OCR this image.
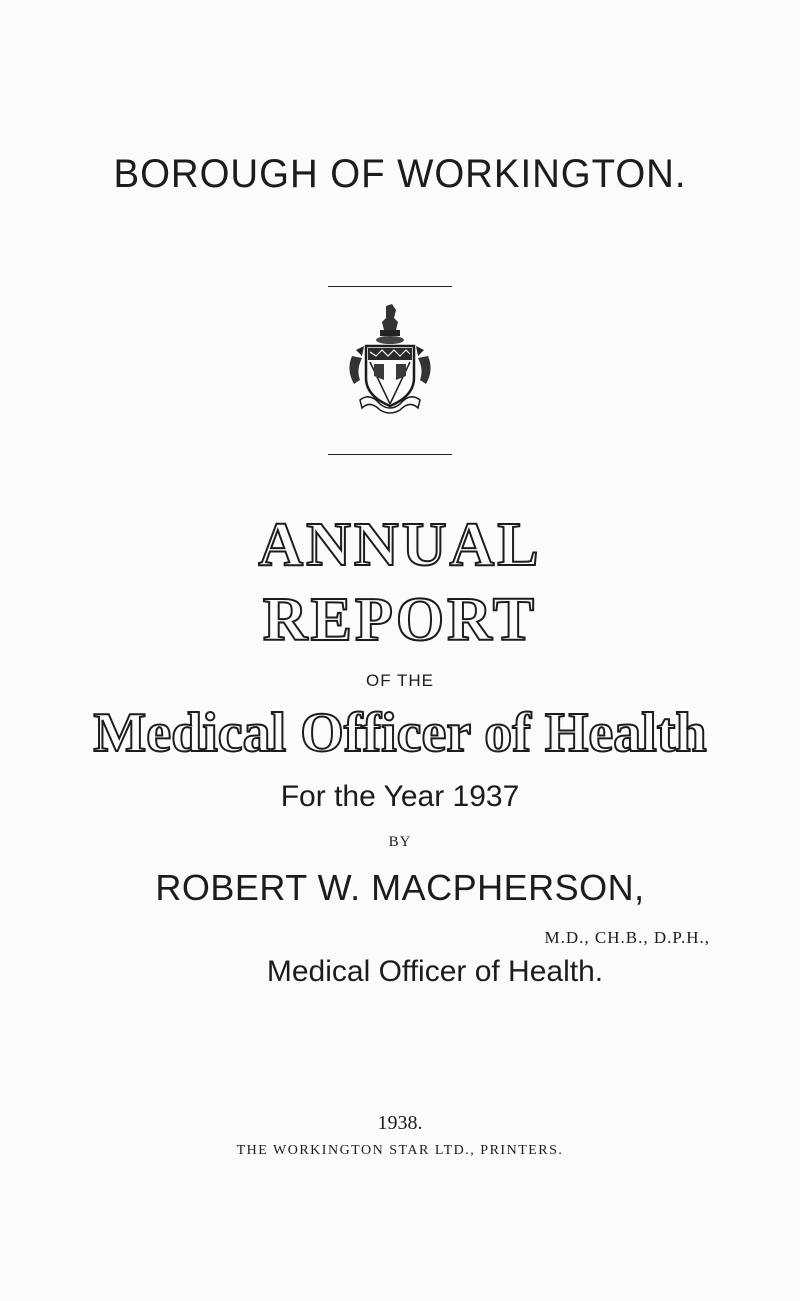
BOROUGH OF WORKINGTON.
ANNUAL
REPORT
OF THE
Medical Officer of Health
For the Year 1937
BY
ROBERT W. MACPHERSON,
M.D., CH.B., D.P.H.,
Medical Officer of Health.
1938.
THE WORKINGTON STAR LTD., PRINTERS.
